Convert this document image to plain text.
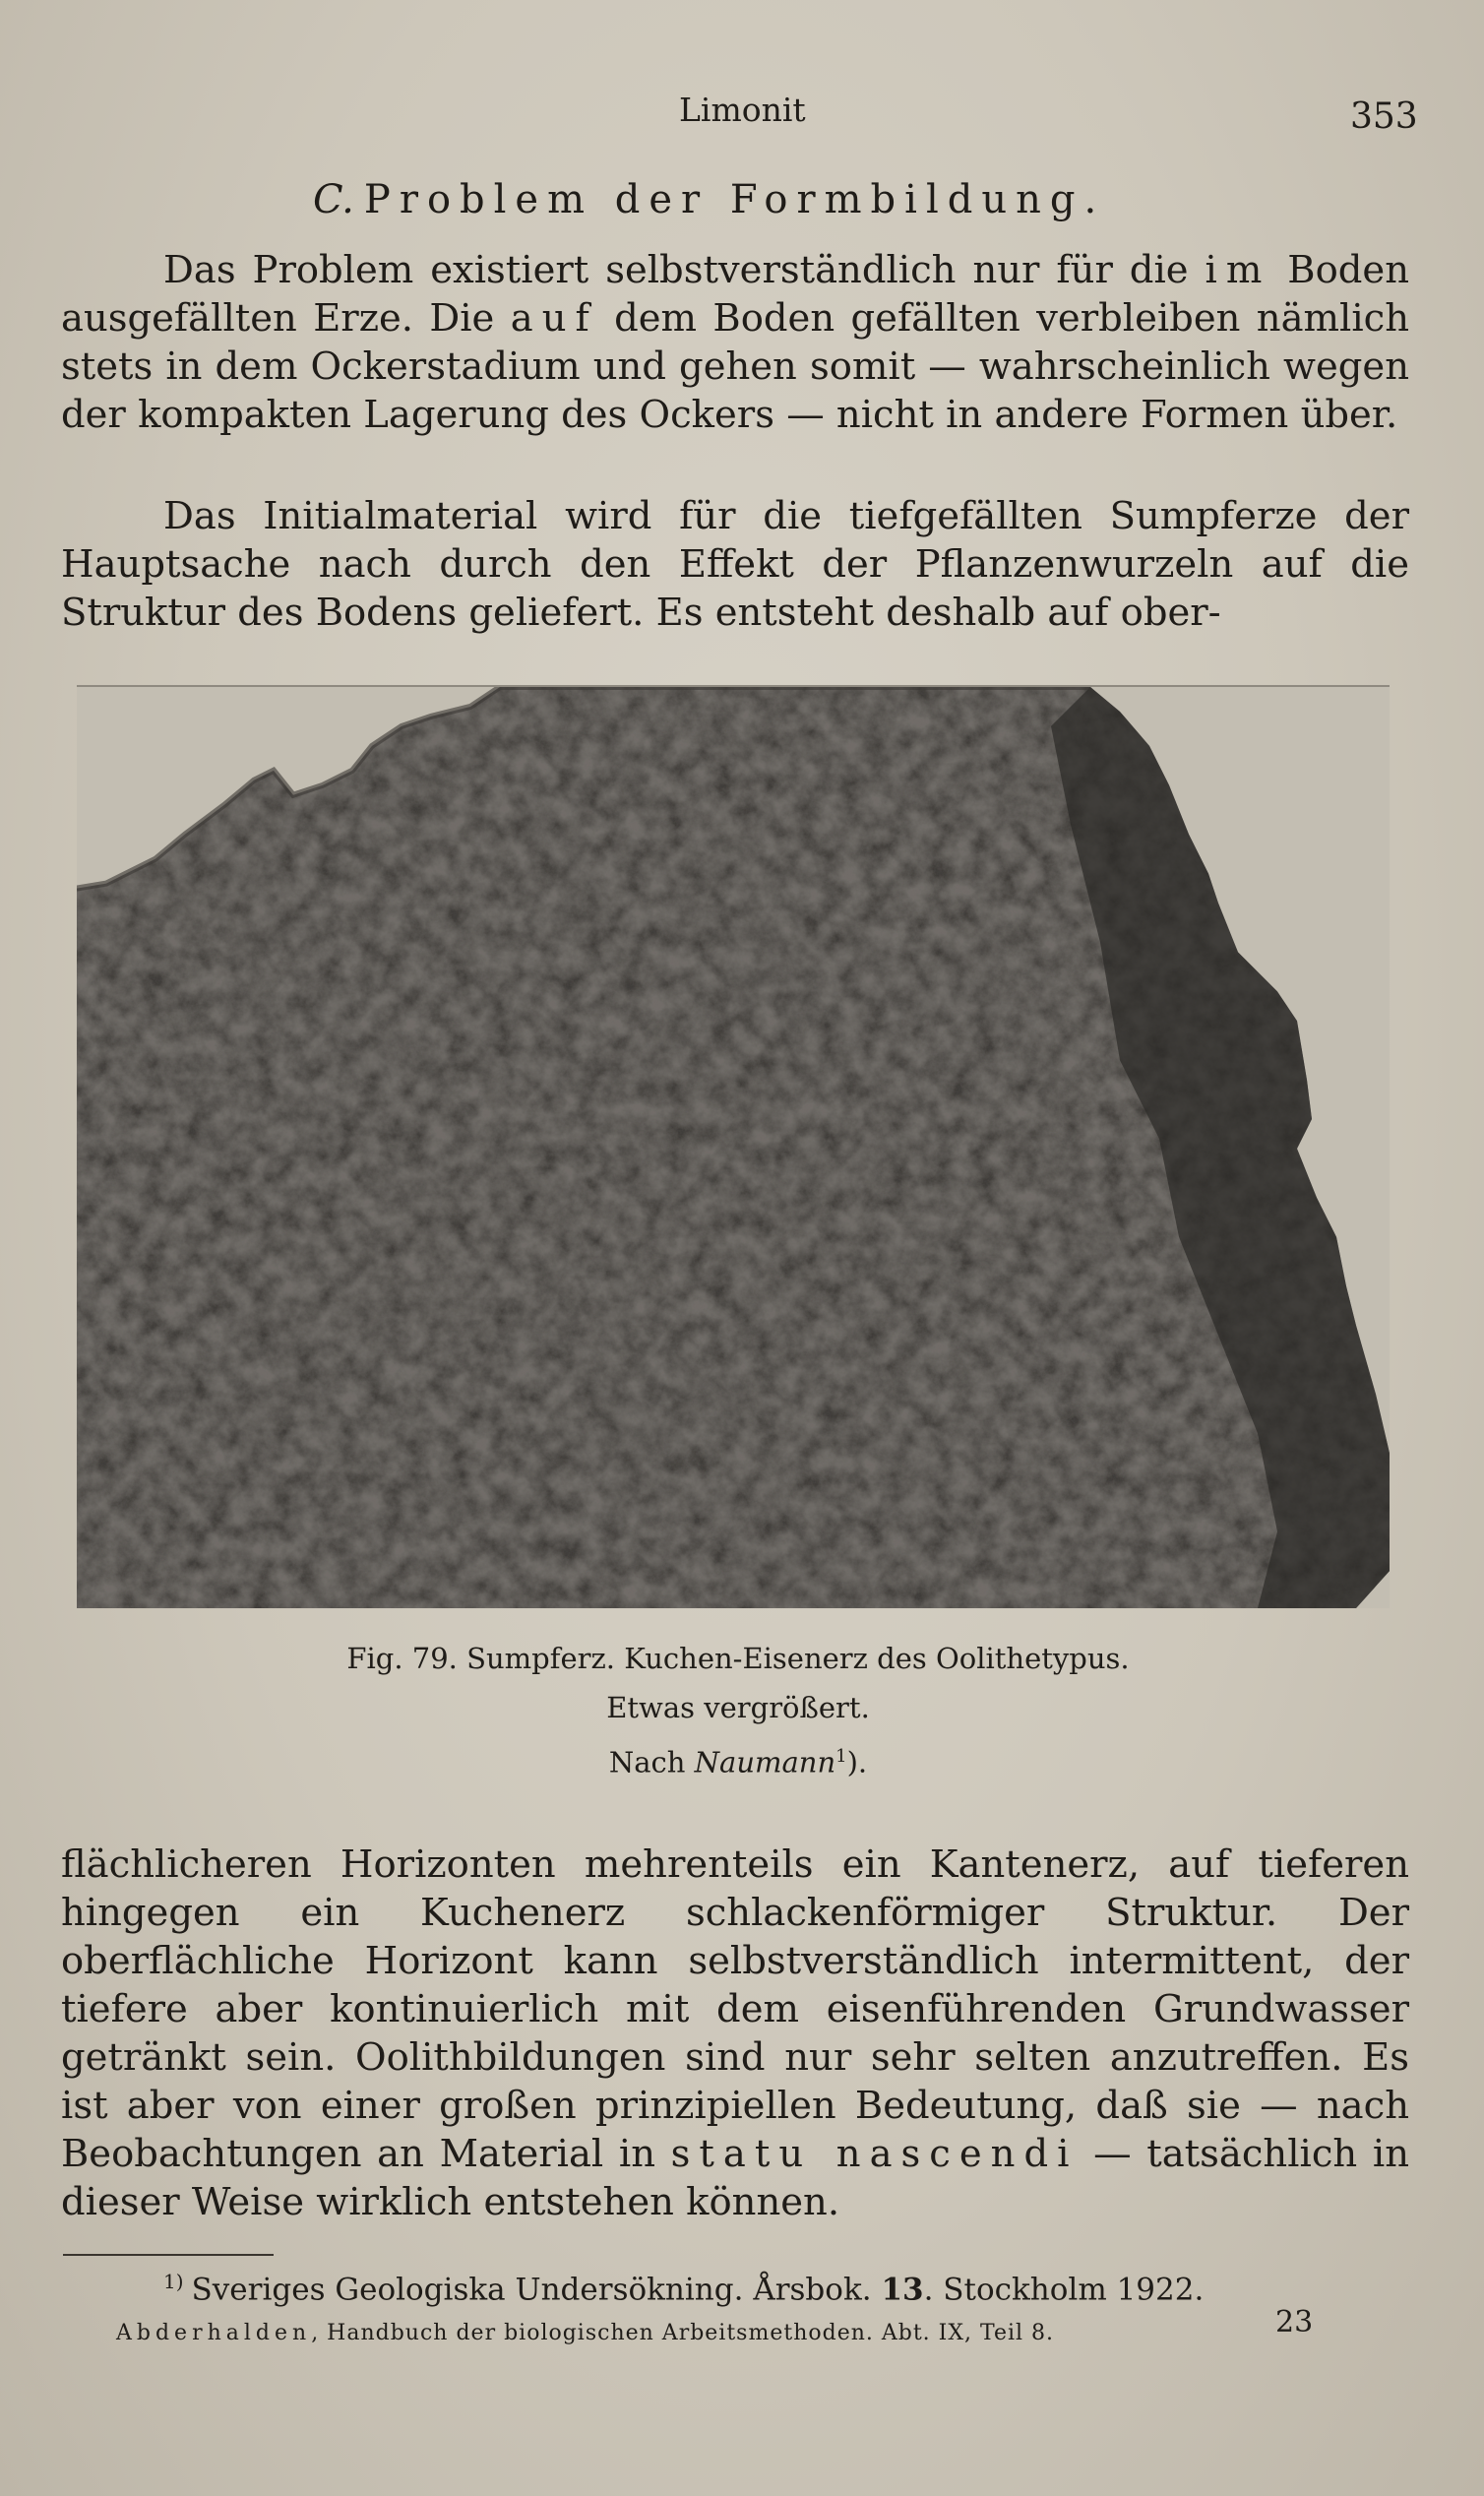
Limonit	353
C. Problem der Formbildung.

Das Problem existiert selbstverständlich nur für die im Boden ausgefällten Erze. Die auf dem Boden gefällten verbleiben nämlich stets in dem Ockerstadium und gehen somit — wahrscheinlich wegen der kompakten Lagerung des Ockers — nicht in andere Formen über.

Das Initialmaterial wird für die tiefgefällten Sumpferze der Hauptsache nach durch den Effekt der Pflanzenwurzeln auf die Struktur des Bodens geliefert. Es entsteht deshalb auf ober-

Fig. 79. Sumpferz. Kuchen-Eisenerz des Oolithetypus.
Etwas vergrößert.
Nach Naumann$^1$).

flächlicheren Horizonten mehrenteils ein Kantenerz, auf tieferen hingegen ein Kuchenerz schlackenförmiger Struktur. Der oberflächliche Horizont kann selbstverständlich intermittent, der tiefere aber kontinuierlich mit dem eisenführenden Grundwasser getränkt sein. Oolithbildungen sind nur sehr selten anzutreffen. Es ist aber von einer großen prinzipiellen Bedeutung, daß sie — nach Beobachtungen an Material in statu nascendi — tatsächlich in dieser Weise wirklich entstehen können.

$^{1)}$ Sveriges Geologiska Undersökning. Årsbok. 13. Stockholm 1922.
23
Abderhalden, Handbuch der biologischen Arbeitsmethoden. Abt. IX, Teil 8.
